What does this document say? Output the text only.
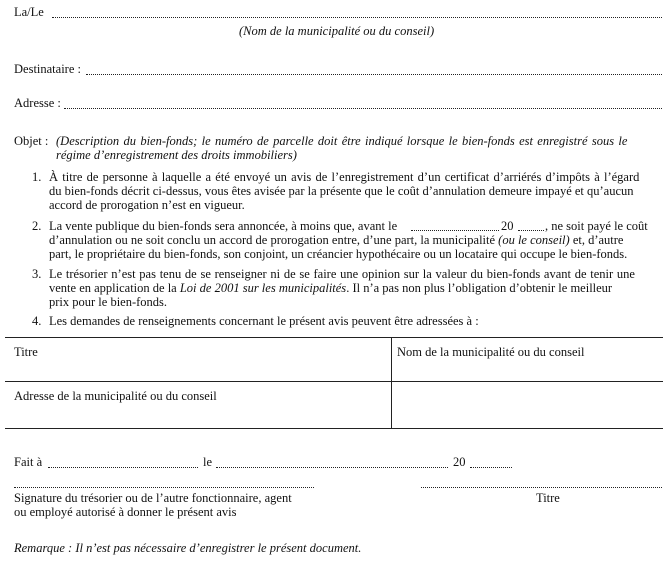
La/Le
(Nom de la municipalité ou du conseil)
Destinataire :
Adresse :
Objet : (Description du bien-fonds; le numéro de parcelle doit être indiqué lorsque le bien-fonds est enregistré sous le
régime d’enregistrement des droits immobiliers)
1. À titre de personne à laquelle a été envoyé un avis de l’enregistrement d’un certificat d’arriérés d’impôts à l’égard
du bien-fonds décrit ci-dessus, vous êtes avisée par la présente que le coût d’annulation demeure impayé et qu’aucun
accord de prorogation n’est en vigueur.
2. La vente publique du bien-fonds sera annoncée, à moins que, avant le	20	, ne soit payé le coût
d’annulation ou ne soit conclu un accord de prorogation entre, d’une part, la municipalité (ou le conseil) et, d’autre
part, le propriétaire du bien-fonds, son conjoint, un créancier hypothécaire ou un locataire qui occupe le bien-fonds.
3. Le trésorier n’est pas tenu de se renseigner ni de se faire une opinion sur la valeur du bien-fonds avant de tenir une
vente en application de la Loi de 2001 sur les municipalités. Il n’a pas non plus l’obligation d’obtenir le meilleur
prix pour le bien-fonds.
4. Les demandes de renseignements concernant le présent avis peuvent être adressées à :
Titre	Nom de la municipalité ou du conseil
Adresse de la municipalité ou du conseil
Fait à	le	20
Signature du trésorier ou de l’autre fonctionnaire, agent
ou employé autorisé à donner le présent avis
Titre
Remarque : Il n’est pas nécessaire d’enregistrer le présent document.
